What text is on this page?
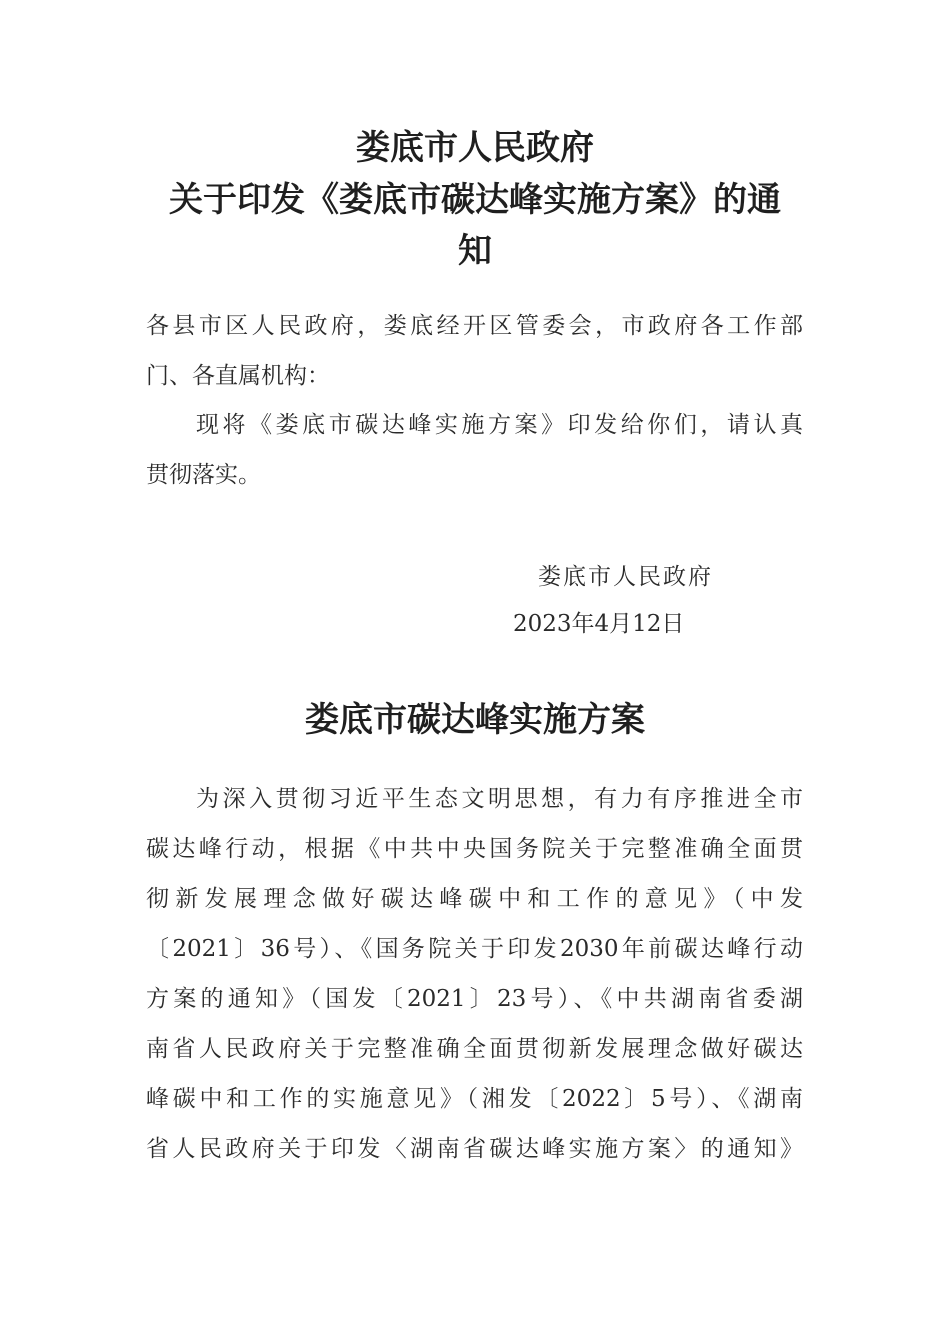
娄底市人民政府
关于印发《娄底市碳达峰实施方案》的通
知
各县市区人民政府，娄底经开区管委会，市政府各工作部
门、各直属机构：
现将《娄底市碳达峰实施方案》印发给你们，请认真
贯彻落实。
娄底市人民政府
2023年4月12日
娄底市碳达峰实施方案
为深入贯彻习近平生态文明思想，有力有序推进全市
碳达峰行动，根据《中共中央国务院关于完整准确全面贯
彻新发展理念做好碳达峰碳中和工作的意见》（中发
〔2021〕36号）、《国务院关于印发2030年前碳达峰行动
方案的通知》（国发〔2021〕23号）、《中共湖南省委湖
南省人民政府关于完整准确全面贯彻新发展理念做好碳达
峰碳中和工作的实施意见》（湘发〔2022〕5号）、《湖南
省人民政府关于印发〈湖南省碳达峰实施方案〉的通知》
